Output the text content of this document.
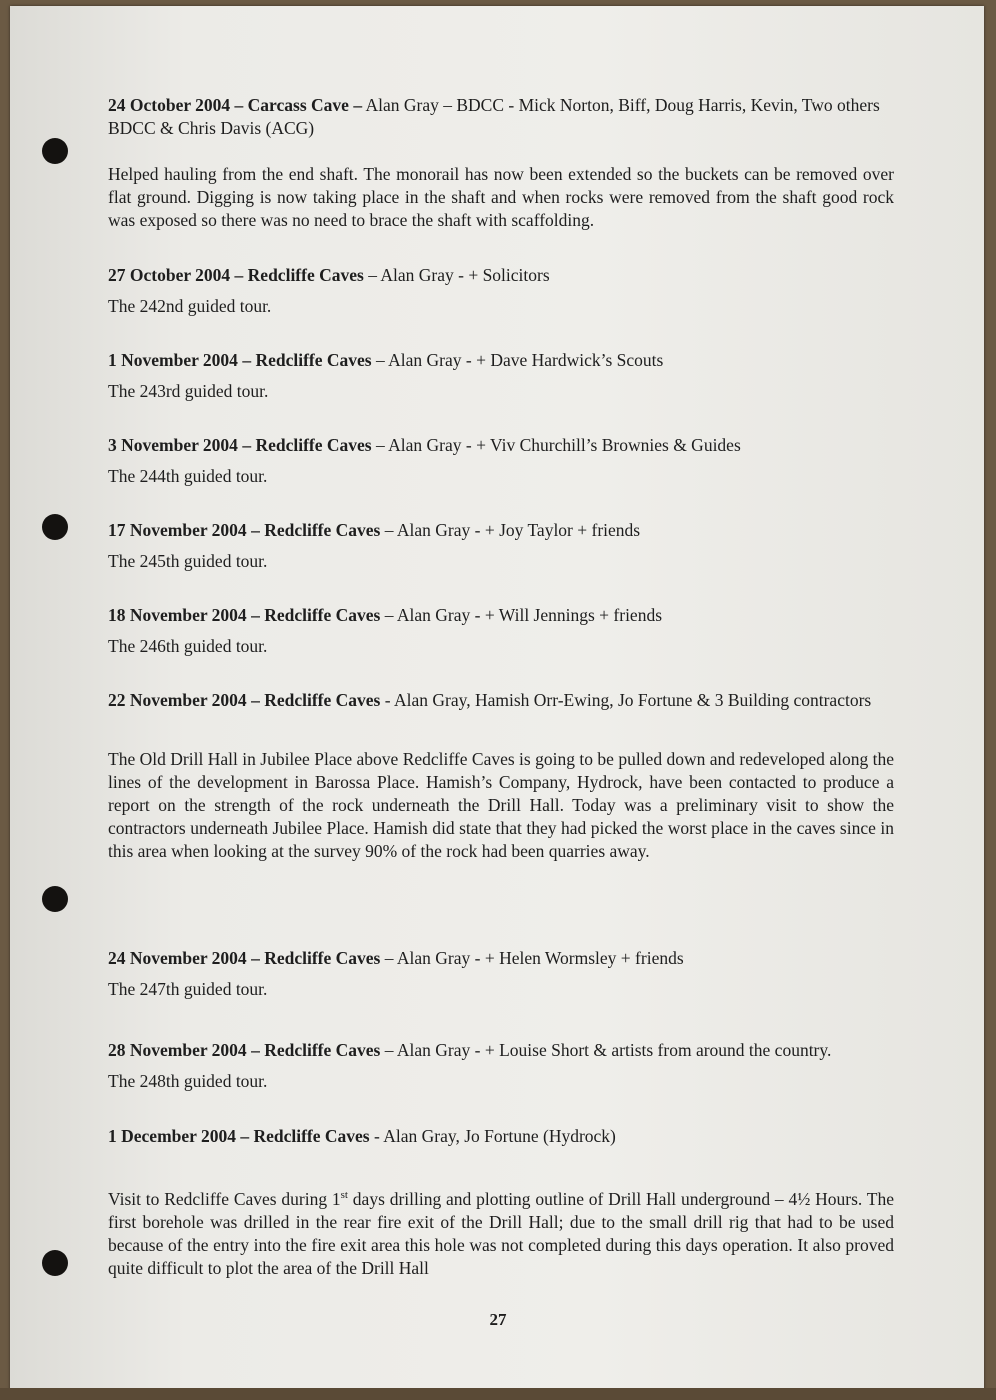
24 October 2004 – Carcass Cave – Alan Gray – BDCC - Mick Norton, Biff, Doug Harris, Kevin, Two others BDCC & Chris Davis (ACG)

Helped hauling from the end shaft. The monorail has now been extended so the buckets can be removed over flat ground. Digging is now taking place in the shaft and when rocks were removed from the shaft good rock was exposed so there was no need to brace the shaft with scaffolding.

27 October 2004 – Redcliffe Caves – Alan Gray - + Solicitors

The 242nd guided tour.

1 November 2004 – Redcliffe Caves – Alan Gray - + Dave Hardwick’s Scouts

The 243rd guided tour.

3 November 2004 – Redcliffe Caves – Alan Gray - + Viv Churchill’s Brownies & Guides

The 244th guided tour.

17 November 2004 – Redcliffe Caves – Alan Gray - + Joy Taylor + friends

The 245th guided tour.

18 November 2004 – Redcliffe Caves – Alan Gray - + Will Jennings + friends

The 246th guided tour.

22 November 2004 – Redcliffe Caves - Alan Gray, Hamish Orr-Ewing, Jo Fortune & 3 Building contractors

The Old Drill Hall in Jubilee Place above Redcliffe Caves is going to be pulled down and redeveloped along the lines of the development in Barossa Place. Hamish’s Company, Hydrock, have been contacted to produce a report on the strength of the rock underneath the Drill Hall. Today was a preliminary visit to show the contractors underneath Jubilee Place. Hamish did state that they had picked the worst place in the caves since in this area when looking at the survey 90% of the rock had been quarries away.

24 November 2004 – Redcliffe Caves – Alan Gray - + Helen Wormsley + friends

The 247th guided tour.

28 November 2004 – Redcliffe Caves – Alan Gray - + Louise Short & artists from around the country.

The 248th guided tour.

1 December 2004 – Redcliffe Caves - Alan Gray, Jo Fortune (Hydrock)

Visit to Redcliffe Caves during 1st days drilling and plotting outline of Drill Hall underground – 4½ Hours. The first borehole was drilled in the rear fire exit of the Drill Hall; due to the small drill rig that had to be used because of the entry into the fire exit area this hole was not completed during this days operation. It also proved quite difficult to plot the area of the Drill Hall

27
